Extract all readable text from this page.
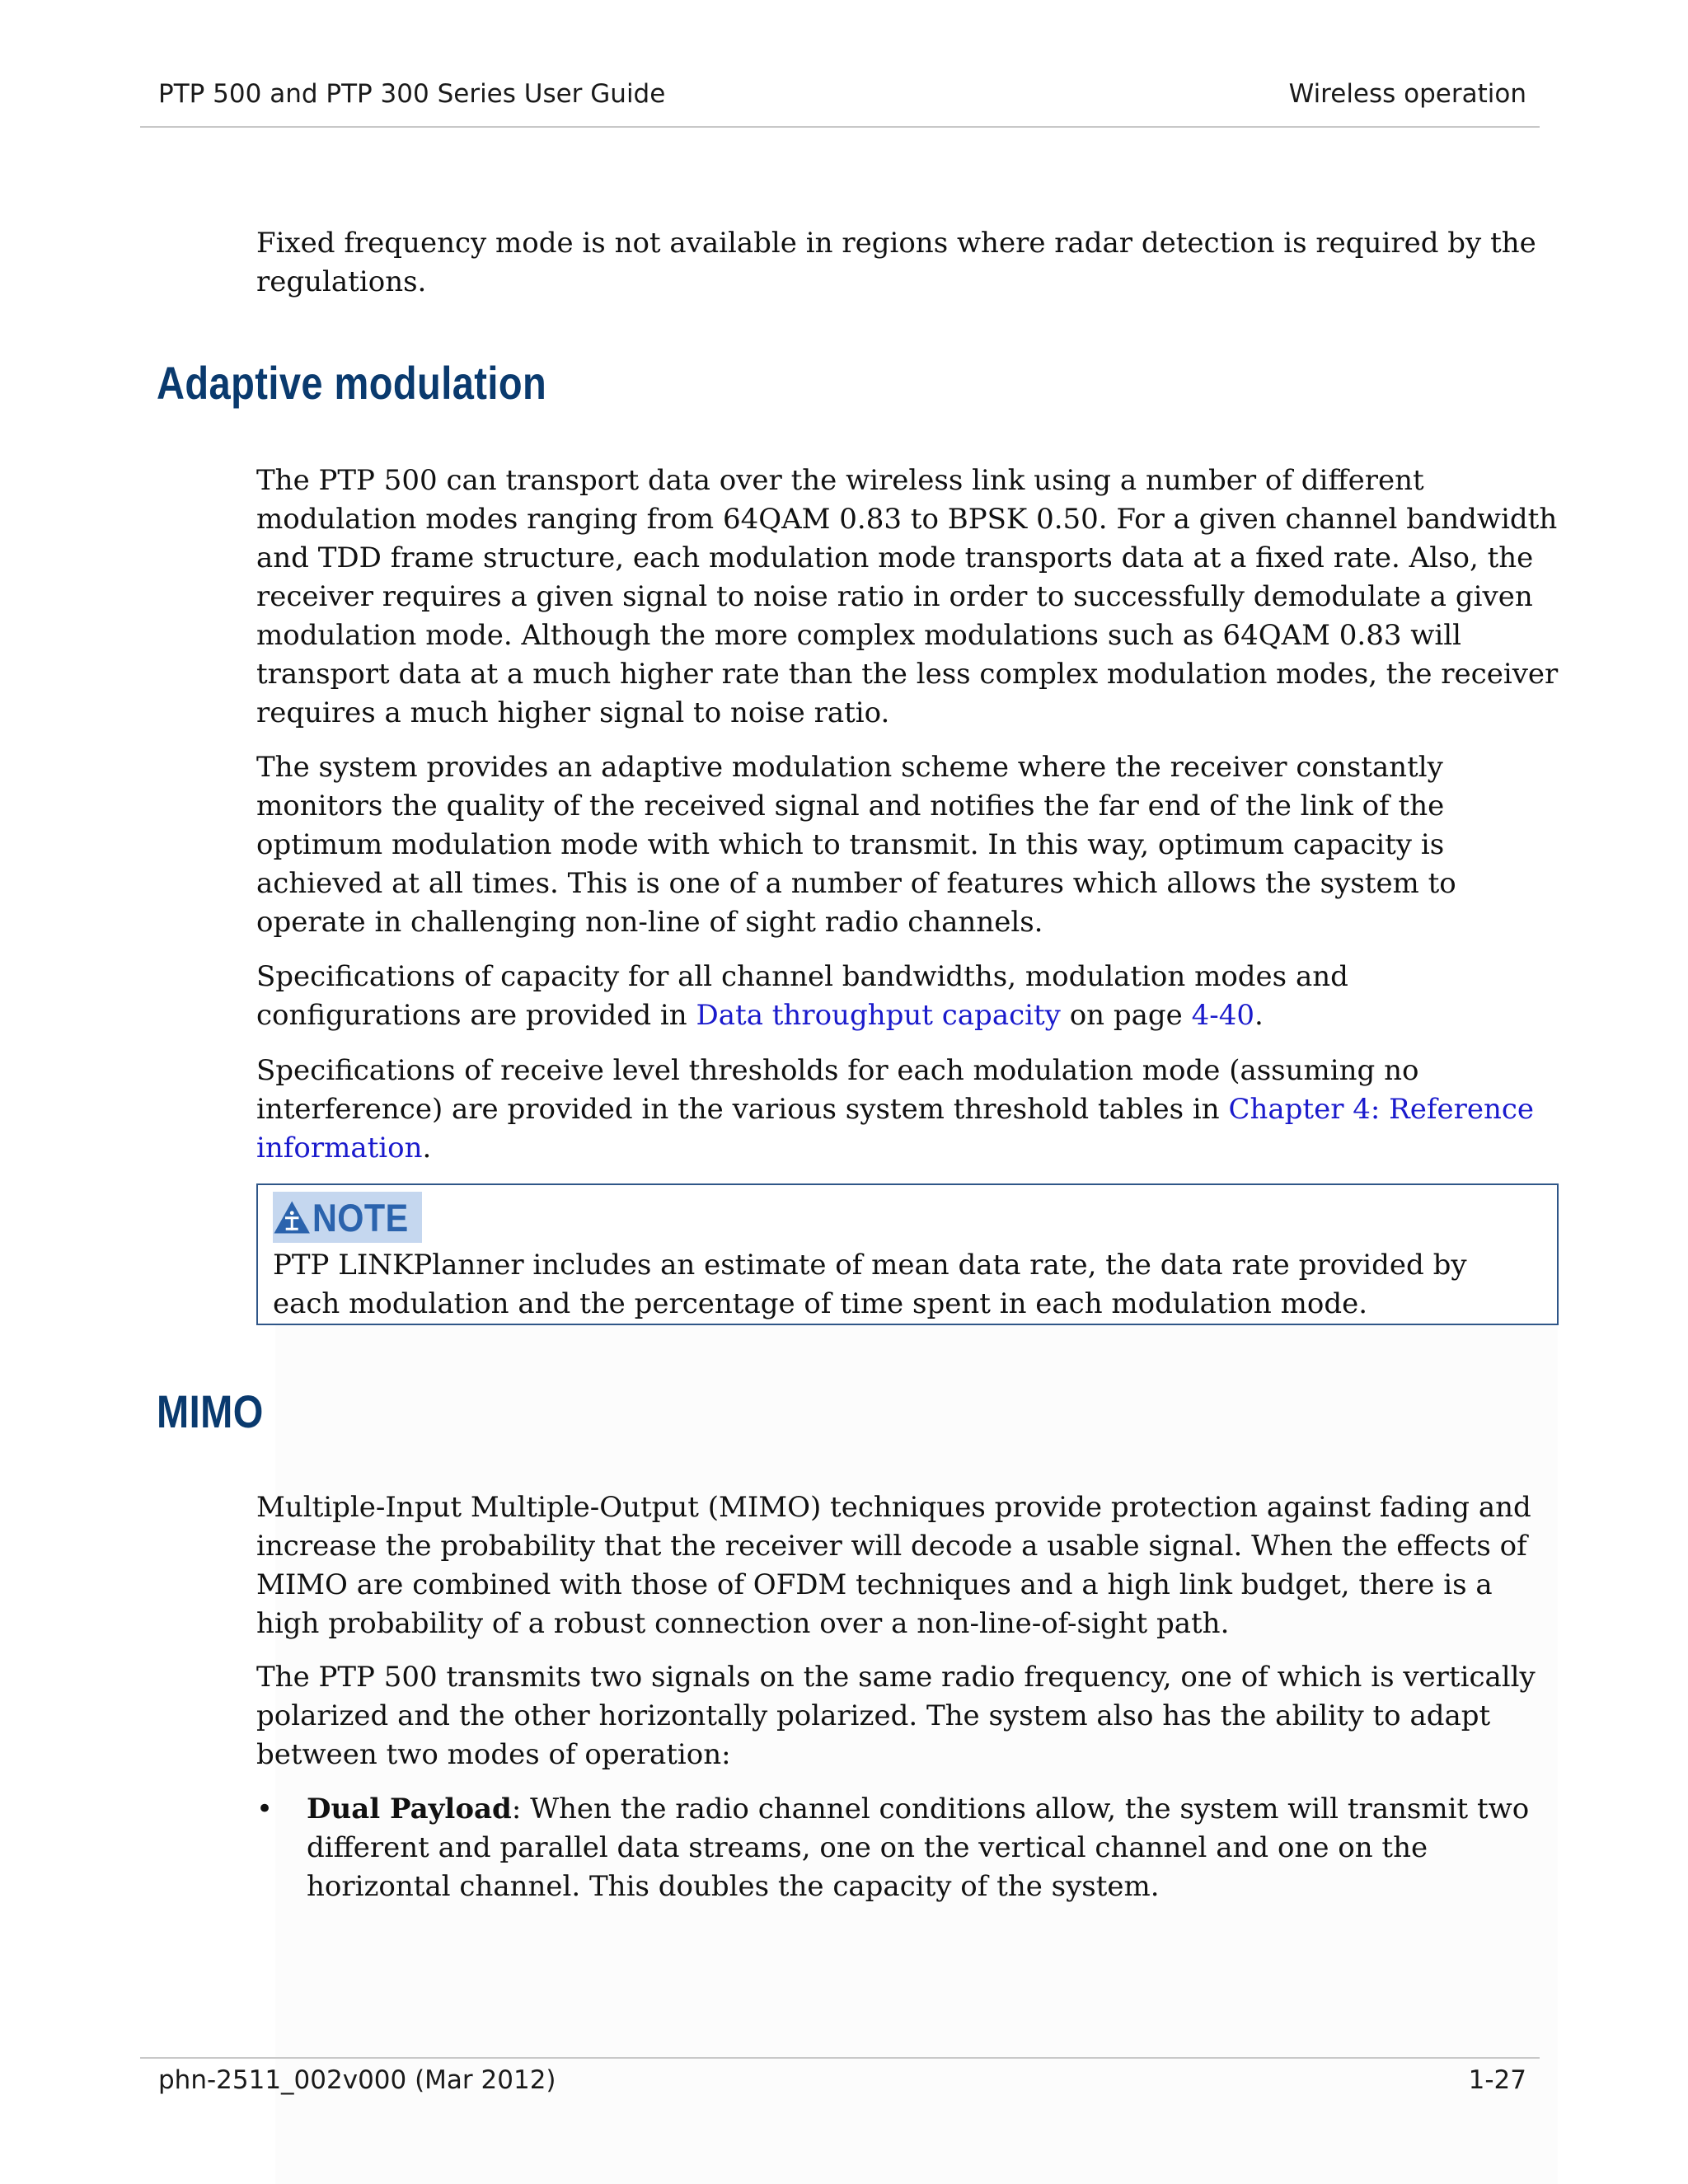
PTP 500 and PTP 300 Series User Guide	Wireless operation

Fixed frequency mode is not available in regions where radar detection is required by the regulations.

Adaptive modulation

The PTP 500 can transport data over the wireless link using a number of different modulation modes ranging from 64QAM 0.83 to BPSK 0.50. For a given channel bandwidth and TDD frame structure, each modulation mode transports data at a fixed rate. Also, the receiver requires a given signal to noise ratio in order to successfully demodulate a given modulation mode. Although the more complex modulations such as 64QAM 0.83 will transport data at a much higher rate than the less complex modulation modes, the receiver requires a much higher signal to noise ratio.

The system provides an adaptive modulation scheme where the receiver constantly monitors the quality of the received signal and notifies the far end of the link of the optimum modulation mode with which to transmit. In this way, optimum capacity is achieved at all times. This is one of a number of features which allows the system to operate in challenging non-line of sight radio channels.

Specifications of capacity for all channel bandwidths, modulation modes and configurations are provided in Data throughput capacity on page 4-40.

Specifications of receive level thresholds for each modulation mode (assuming no interference) are provided in the various system threshold tables in Chapter 4: Reference information.

NOTE

PTP LINKPlanner includes an estimate of mean data rate, the data rate provided by each modulation and the percentage of time spent in each modulation mode.

MIMO

Multiple-Input Multiple-Output (MIMO) techniques provide protection against fading and increase the probability that the receiver will decode a usable signal. When the effects of MIMO are combined with those of OFDM techniques and a high link budget, there is a high probability of a robust connection over a non-line-of-sight path.

The PTP 500 transmits two signals on the same radio frequency, one of which is vertically polarized and the other horizontally polarized. The system also has the ability to adapt between two modes of operation:

• Dual Payload: When the radio channel conditions allow, the system will transmit two different and parallel data streams, one on the vertical channel and one on the horizontal channel. This doubles the capacity of the system.

phn-2511_002v000 (Mar 2012)	1-27
